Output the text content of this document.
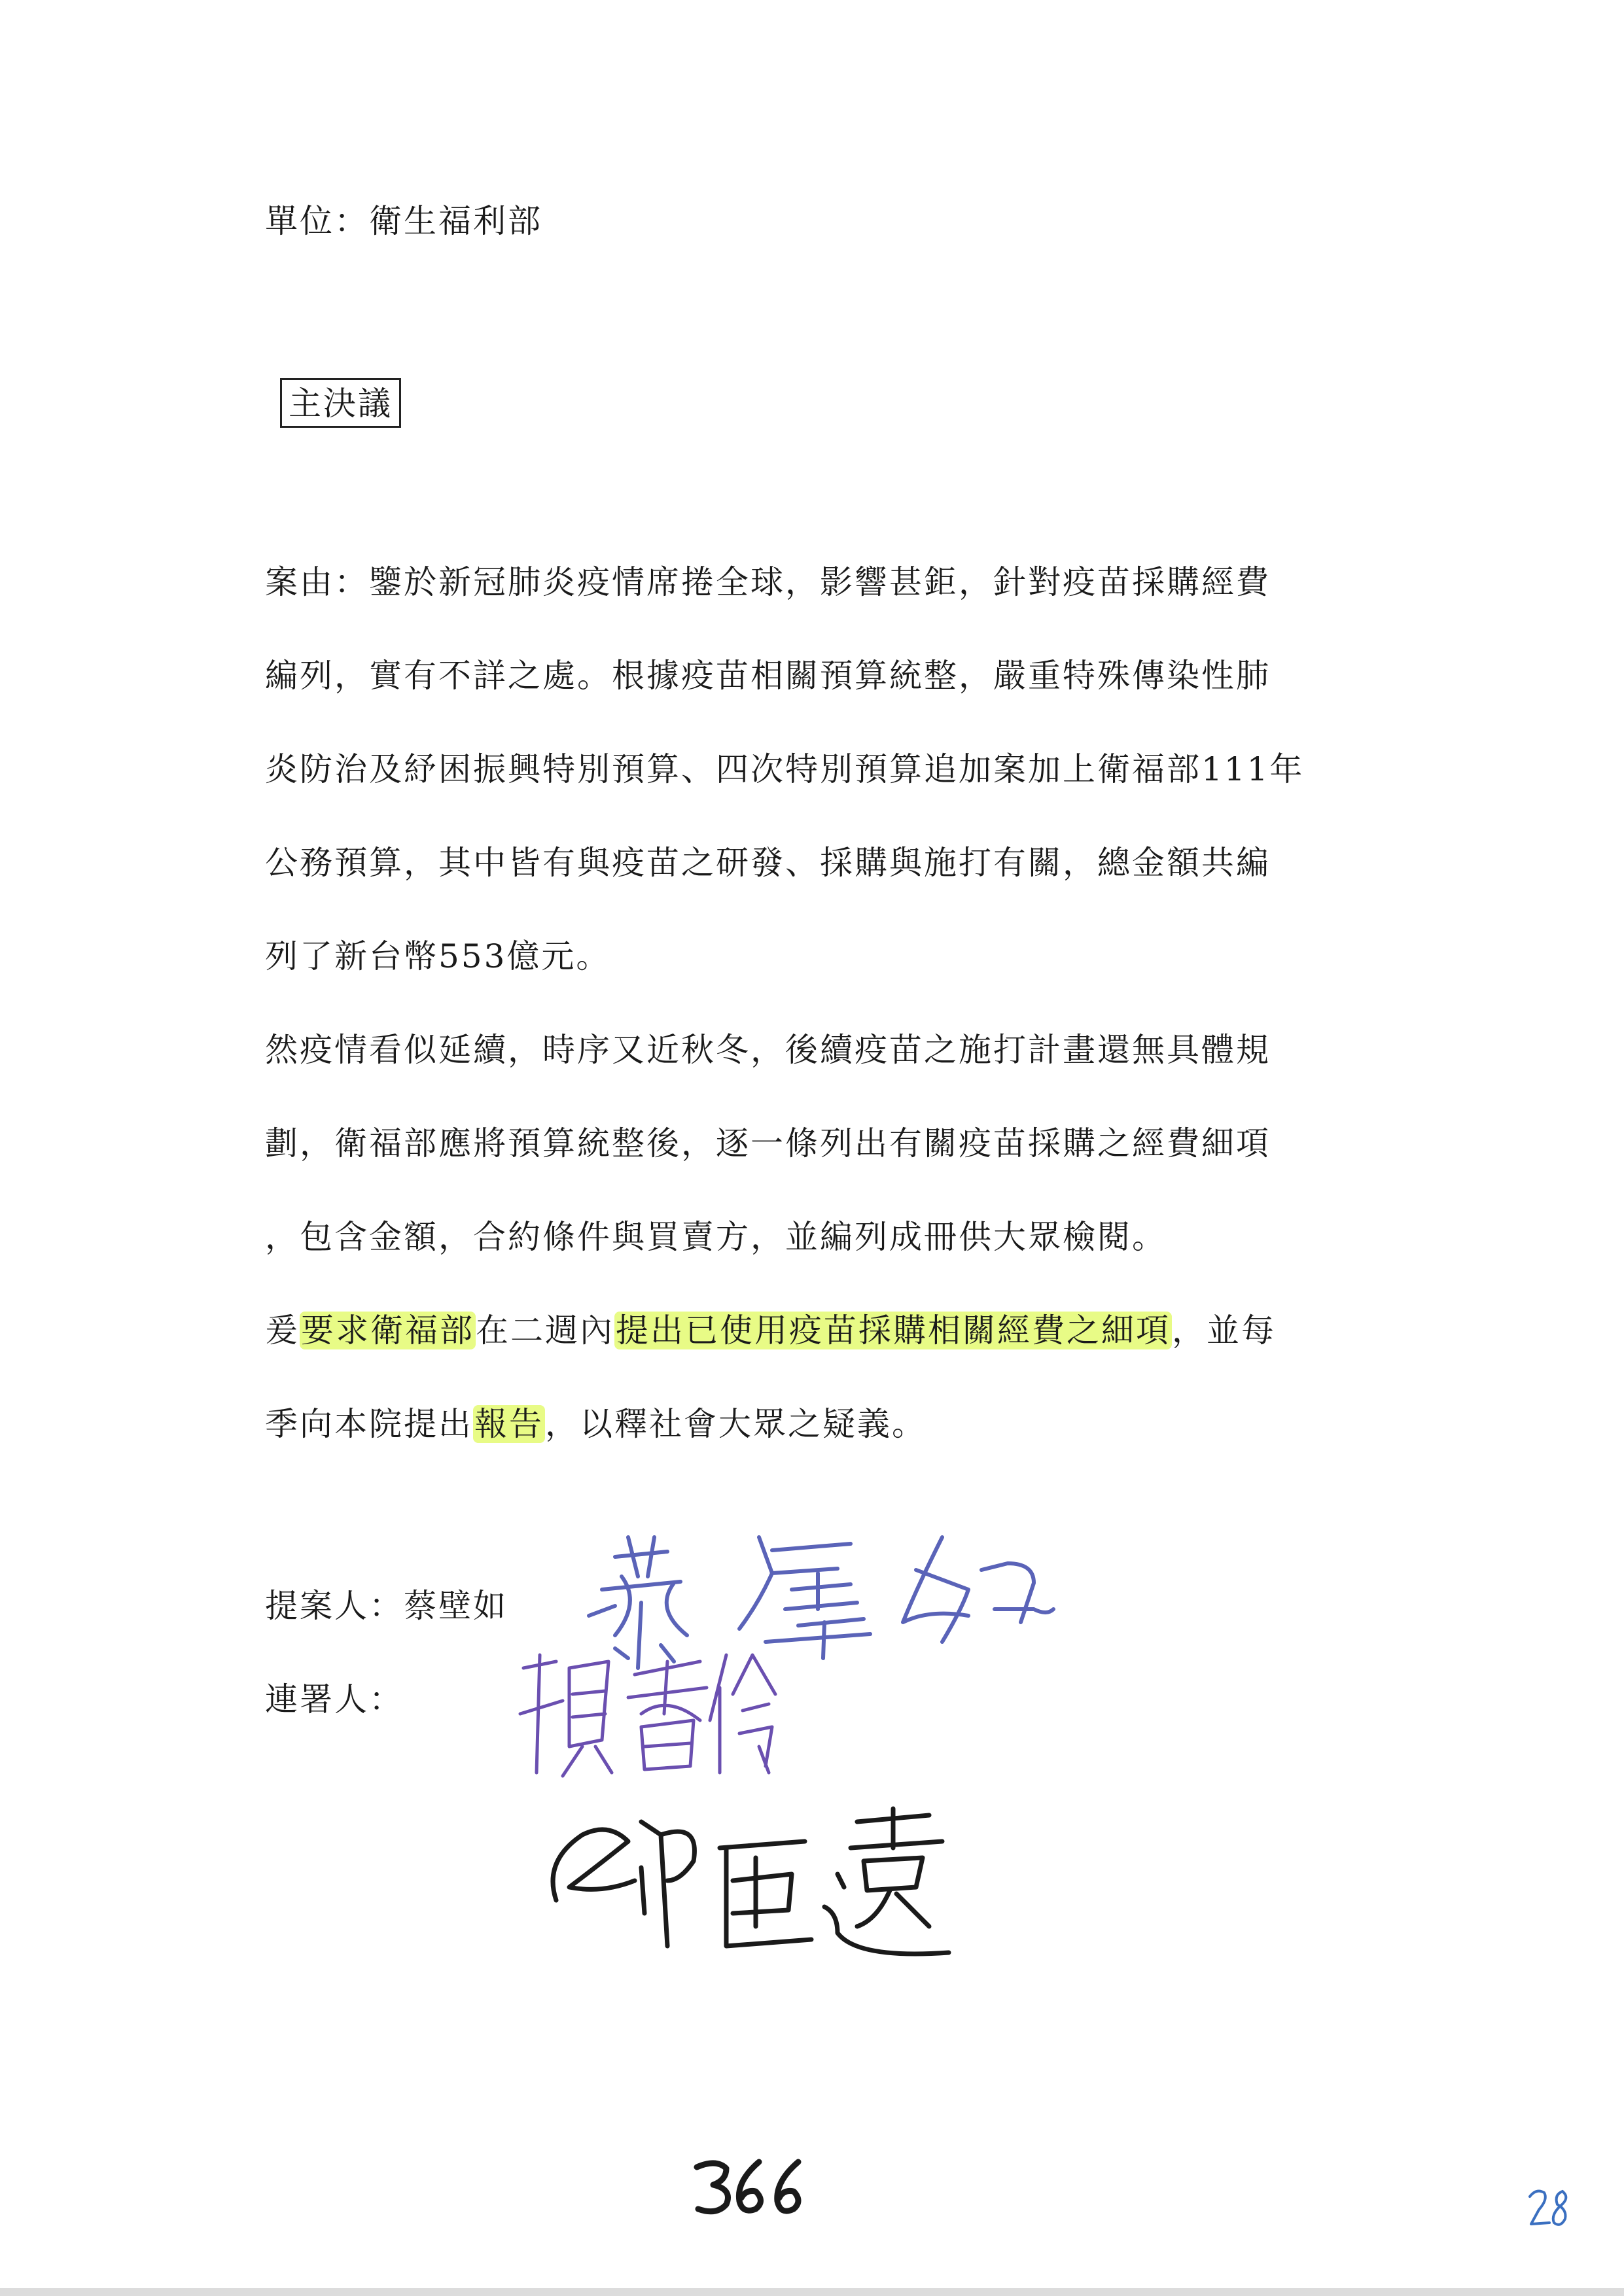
單位：衛生福利部
主決議
案由：鑒於新冠肺炎疫情席捲全球，影響甚鉅，針對疫苗採購經費
編列，實有不詳之處。根據疫苗相關預算統整，嚴重特殊傳染性肺
炎防治及紓困振興特別預算、四次特別預算追加案加上衛福部111年
公務預算，其中皆有與疫苗之研發、採購與施打有關，總金額共編
列了新台幣553億元。
然疫情看似延續，時序又近秋冬，後續疫苗之施打計畫還無具體規
劃，衛福部應將預算統整後，逐一條列出有關疫苗採購之經費細項
，包含金額，合約條件與買賣方，並編列成冊供大眾檢閱。
爰要求衛福部在二週內提出已使用疫苗採購相關經費之細項，並每
季向本院提出報告，以釋社會大眾之疑義。
提案人：蔡壁如
連署人：
